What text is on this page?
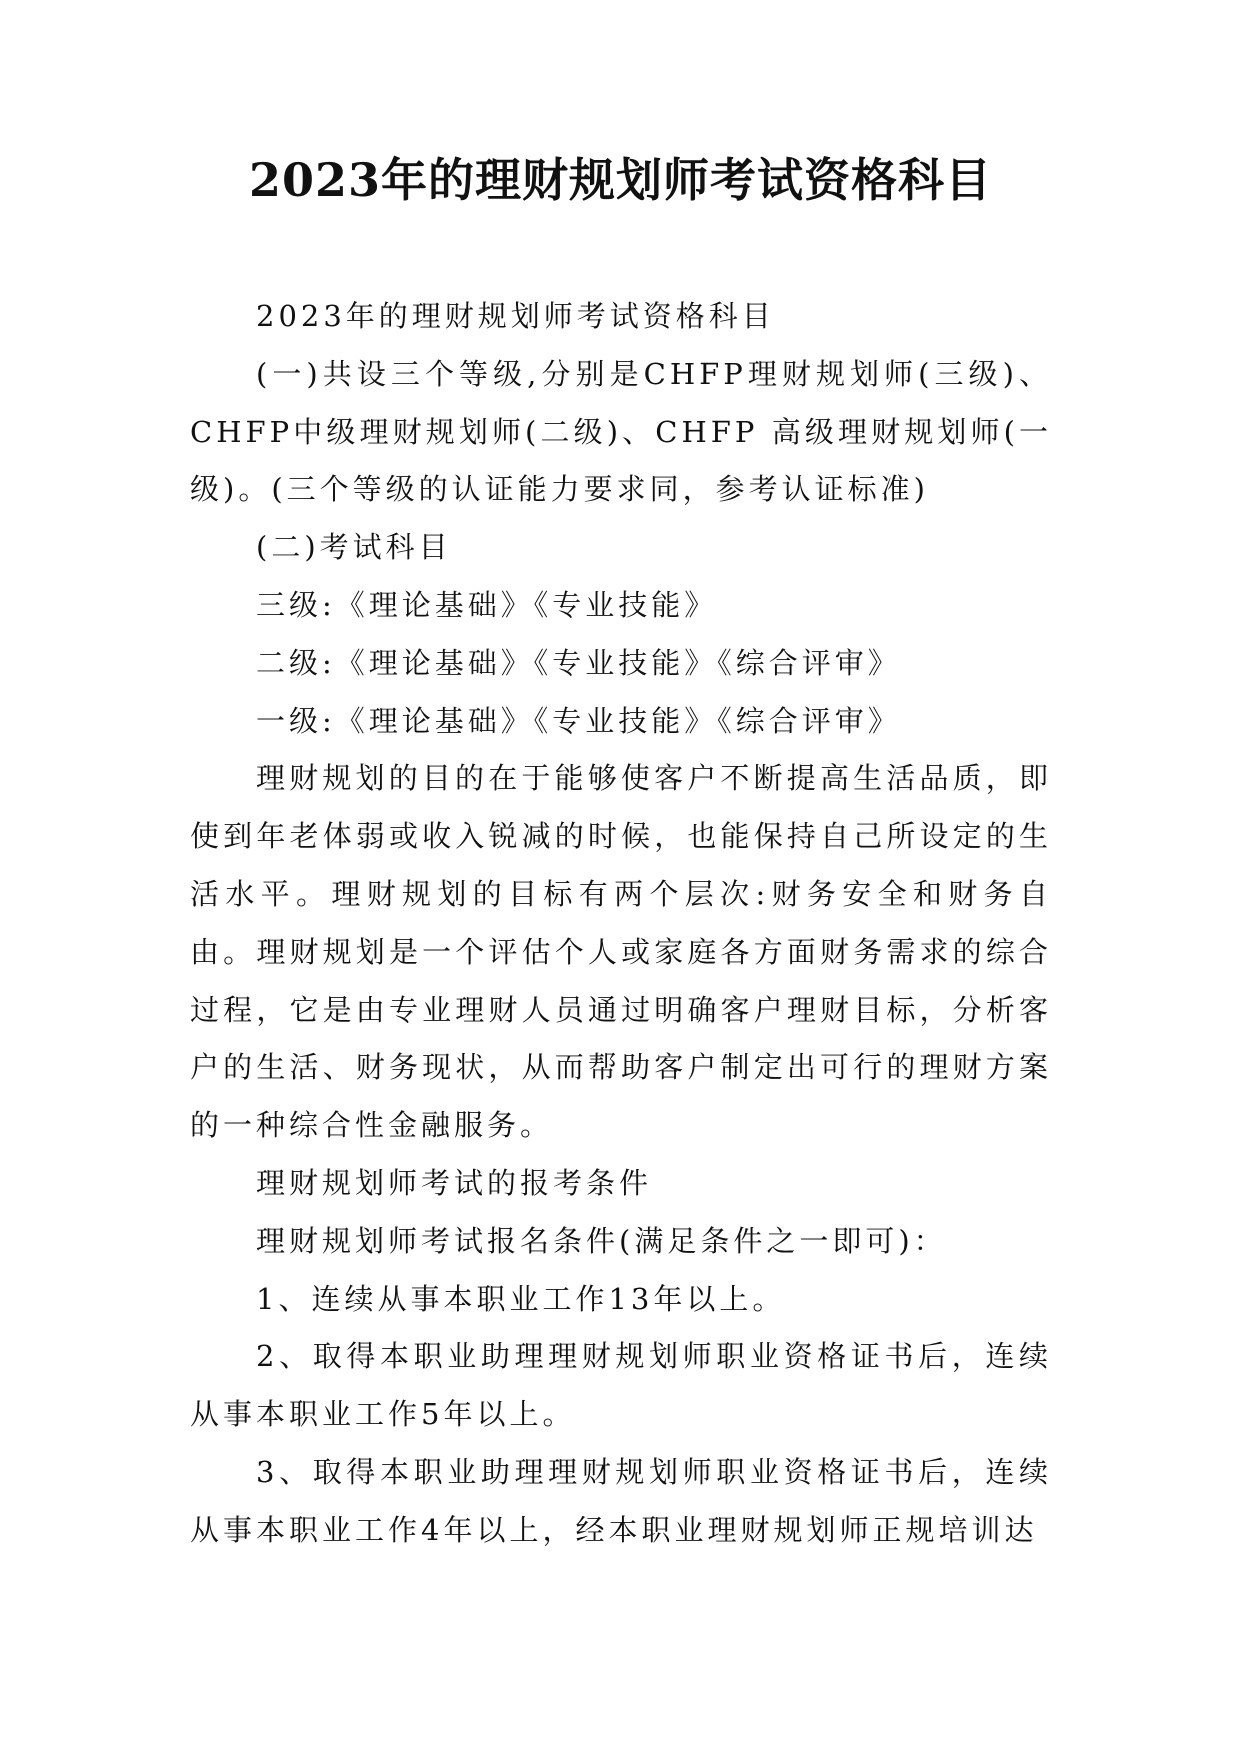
2023年的理财规划师考试资格科目

2023年的理财规划师考试资格科目

(一)共设三个等级,分别是CHFP理财规划师(三级)、CHFP中级理财规划师(二级)、CHFP 高级理财规划师(一级)。(三个等级的认证能力要求同，参考认证标准)

(二)考试科目

三级:《理论基础》《专业技能》

二级:《理论基础》《专业技能》《综合评审》

一级:《理论基础》《专业技能》《综合评审》

理财规划的目的在于能够使客户不断提高生活品质，即使到年老体弱或收入锐减的时候，也能保持自己所设定的生活水平。理财规划的目标有两个层次:财务安全和财务自由。理财规划是一个评估个人或家庭各方面财务需求的综合过程，它是由专业理财人员通过明确客户理财目标，分析客户的生活、财务现状，从而帮助客户制定出可行的理财方案的一种综合性金融服务。

理财规划师考试的报考条件

理财规划师考试报名条件(满足条件之一即可)：

1、连续从事本职业工作13年以上。

2、取得本职业助理理财规划师职业资格证书后，连续从事本职业工作5年以上。

3、取得本职业助理理财规划师职业资格证书后，连续从事本职业工作4年以上，经本职业理财规划师正规培训达
